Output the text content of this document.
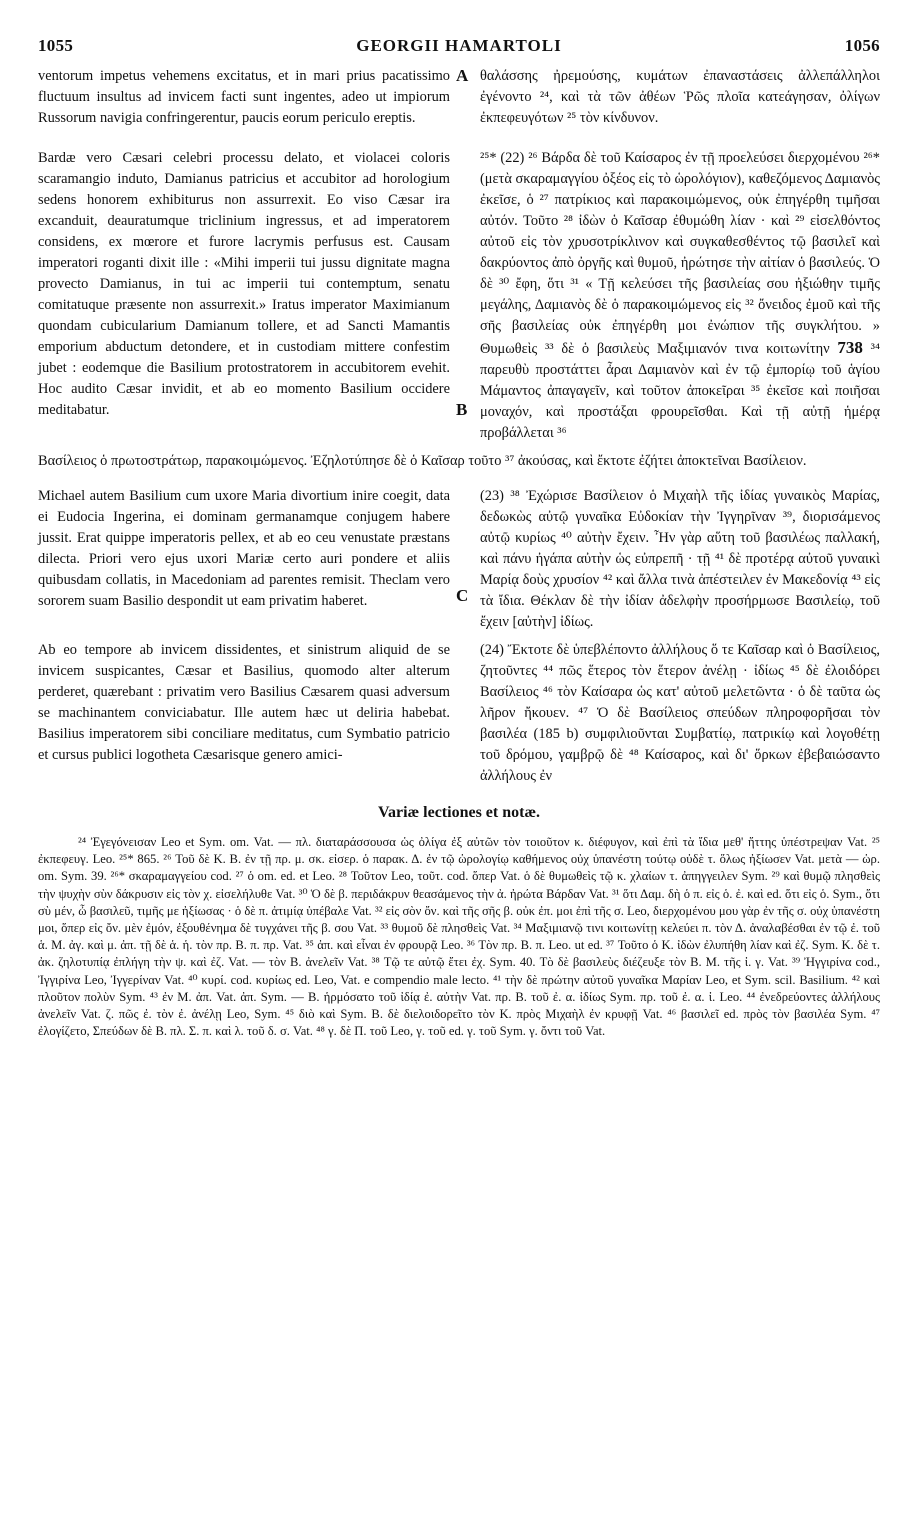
1055	GEORGII HAMARTOLI	1056

ventorum impetus vehemens excitatus, et in mari prius pacatissimo fluctuum insultus ad invicem facti sunt ingentes, adeo ut impiorum Russorum navigia confringerentur, paucis eorum periculo ereptis.

A θαλάσσης ἠρεμούσης, κυμάτων ἐπαναστάσεις ἀλλεπάλληλοι ἐγένοντο ²⁴, καὶ τὰ τῶν ἀθέων Ῥῶς πλοῖα κατεάγησαν, ὀλίγων ἐκπεφευγότων ²⁵ τὸν κίνδυνον.

Bardæ vero Cæsari celebri processu delato, et violacei coloris scaramangio induto, Damianus patricius et accubitor ad horologium sedens honorem exhibiturus non assurrexit. Eo viso Cæsar ira excanduit, deauratumque triclinium ingressus, et ad imperatorem considens, ex mœrore et furore lacrymis perfusus est. Causam imperatori roganti dixit ille : «Mihi imperii tui jussu dignitate magna provecto Damianus, in tui ac imperii tui contemptum, senatu comitatuque præsente non assurrexit.» Iratus imperator Maximianum quondam cubicularium Damianum tollere, et ad Sancti Mamantis emporium abductum detondere, et in custodiam mittere confestim jubet : eodemque die Basilium protostratorem in accubitorem evehit. Hoc audito Cæsar invidit, et ab eo momento Basilium occidere meditabatur.	B

²⁵* (22) ²⁶ Βάρδα δὲ τοῦ Καίσαρος ἐν τῇ προελεύσει διερχομένου ²⁶* (μετὰ σκαραμαγγίου ὀξέος εἰς τὸ ὡρολόγιον), καθεζόμενος Δαμιανὸς ἐκεῖσε, ὁ ²⁷ πατρίκιος καὶ παρακοιμώμενος, οὐκ ἐπηγέρθη τιμῆσαι αὐτόν. Τοῦτο ²⁸ ἰδὼν ὁ Καῖσαρ ἐθυμώθη λίαν · καὶ ²⁹ εἰσελθόντος αὐτοῦ εἰς τὸν χρυσοτρίκλινον καὶ συγκαθεσθέντος τῷ βασιλεῖ καὶ δακρύοντος ἀπὸ ὀργῆς καὶ θυμοῦ, ἠρώτησε τὴν αἰτίαν ὁ βασιλεύς. Ὁ δὲ ³⁰ ἔφη, ὅτι ³¹ « Τῇ κελεύσει τῆς βασιλείας σου ἠξιώθην τιμῆς μεγάλης, Δαμιανὸς δὲ ὁ παρακοιμώμενος εἰς ³² ὄνειδος ἐμοῦ καὶ τῆς σῆς βασιλείας οὐκ ἐπηγέρθη μοι ἐνώπιον τῆς συγκλήτου. » Θυμωθεὶς ³³ δὲ ὁ βασιλεὺς Μαξιμιανόν τινα κοιτωνίτην 738 ³⁴ παρευθὺ προστάττει ἆραι Δαμιανὸν καὶ ἐν τῷ ἐμπορίῳ τοῦ ἁγίου Μάμαντος ἀπαγαγεῖν, καὶ τοῦτον ἀποκεῖραι ³⁵ ἐκεῖσε καὶ ποιῆσαι μοναχόν, καὶ προστάξαι φρουρεῖσθαι. Καὶ τῇ αὐτῇ ἡμέρᾳ προβάλλεται ³⁶

Βασίλειος ὁ πρωτοστράτωρ, παρακοιμώμενος. Ἐζηλοτύπησε δὲ ὁ Καῖσαρ τοῦτο ³⁷ ἀκούσας, καὶ ἔκτοτε ἐζήτει ἀποκτεῖναι Βασίλειον.

Michael autem Basilium cum uxore Maria divortium inire coegit, data ei Eudocia Ingerina, ei dominam germanamque conjugem habere jussit. Erat quippe imperatoris pellex, et ab eo ceu venustate præstans dilecta. Priori vero ejus uxori Mariæ certo auri pondere et aliis quibusdam collatis, in Macedoniam ad parentes remisit. Theclam vero sororem suam Basilio despondit ut eam privatim haberet.	C

(23) ³⁸ Ἐχώρισε Βασίλειον ὁ Μιχαὴλ τῆς ἰδίας γυναικὸς Μαρίας, δεδωκὼς αὐτῷ γυναῖκα Εὐδοκίαν τὴν Ἰγγηρῖναν ³⁹, διορισάμενος αὐτῷ κυρίως ⁴⁰ αὐτὴν ἔχειν. Ἦν γὰρ αὕτη τοῦ βασιλέως παλλακή, καὶ πάνυ ἠγάπα αὐτὴν ὡς εὐπρεπῆ · τῇ ⁴¹ δὲ προτέρᾳ αὐτοῦ γυναικὶ Μαρίᾳ δοὺς χρυσίον ⁴² καὶ ἄλλα τινὰ ἀπέστειλεν ἐν Μακεδονίᾳ ⁴³ εἰς τὰ ἴδια. Θέκλαν δὲ τὴν ἰδίαν ἀδελφὴν προσήρμωσε Βασιλείῳ, τοῦ ἔχειν [αὐτὴν] ἰδίως.

Ab eo tempore ab invicem dissidentes, et sinistrum aliquid de se invicem suspicantes, Cæsar et Basilius, quomodo alter alterum perderet, quærebant : privatim vero Basilius Cæsarem quasi adversum se machinantem conviciabatur. Ille autem hæc ut deliria habebat. Basilius imperatorem sibi conciliare meditatus, cum Symbatio patricio et cursus publici logotheta Cæsarisque genero amici-

(24) Ἔκτοτε δὲ ὑπεβλέποντο ἀλλήλους ὅ τε Καῖσαρ καὶ ὁ Βασίλειος, ζητοῦντες ⁴⁴ πῶς ἕτερος τὸν ἕτερον ἀνέλῃ · ἰδίως ⁴⁵ δὲ ἐλοιδόρει Βασίλειος ⁴⁶ τὸν Καίσαρα ὡς κατ' αὐτοῦ μελετῶντα · ὁ δὲ ταῦτα ὡς λῆρον ἤκουεν. ⁴⁷ Ὁ δὲ Βασίλειος σπεύδων πληροφορῆσαι τὸν βασιλέα (185 b) συμφιλιοῦνται Συμβατίῳ, πατρικίῳ καὶ λογοθέτῃ τοῦ δρόμου, γαμβρῷ δὲ ⁴⁸ Καίσαρος, καὶ δι' ὅρκων ἐβεβαιώσαντο ἀλλήλους ἐν

Variæ lectiones et notæ.

²⁴ Ἐγεγόνεισαν Leo et Sym. om. Vat. — πλ. διαταράσσουσα ὡς ὀλίγα ἐξ αὐτῶν τὸν τοιοῦτον κ. διέφυγον, καὶ ἐπὶ τὰ ἴδια μεθ' ἥττης ὑπέστρεψαν Vat. ²⁵ ἐκπεφευγ. Leo. ²⁵* 865. ²⁶ Τοῦ δὲ Κ. Β. ἐν τῇ πρ. μ. σκ. εἰσερ. ὁ παρακ. Δ. ἐν τῷ ὡρολογίῳ καθήμενος οὐχ ὑπανέστη τούτῳ οὐδὲ τ. ὅλως ἠξίωσεν Vat. μετὰ — ὡρ. om. Sym. 39. ²⁶* σκαραμαγγείου cod. ²⁷ ὁ om. ed. et Leo. ²⁸ Τοῦτον Leo, τοῦτ. cod. ὅπερ Vat. ὁ δὲ θυμωθεὶς τῷ κ. χλαίων τ. ἀπηγγειλεν Sym. ²⁹ καὶ θυμῷ πλησθεὶς τὴν ψυχὴν σὺν δάκρυσιν εἰς τὸν χ. εἰσελήλυθε Vat. ³⁰ Ὁ δὲ β. περιδάκρυν θεασάμενος τὴν ἀ. ἠρώτα Βάρδαν Vat. ³¹ ὅτι Δαμ. δὴ ὁ π. εἰς ὁ. ἐ. καὶ ed. ὅτι εἰς ὁ. Sym., ὅτι σὺ μέν, ὦ βασιλεῦ, τιμῆς με ἠξίωσας · ὁ δὲ π. ἀτιμίᾳ ὑπέβαλε Vat. ³² εἰς σὸν ὄν. καὶ τῆς σῆς β. οὐκ ἐπ. μοι ἐπὶ τῆς σ. Leo, διερχομένου μου γὰρ ἐν τῆς σ. οὐχ ὑπανέστη μοι, ὅπερ εἰς ὄν. μὲν ἐμόν, ἐξουθένημα δὲ τυγχάνει τῆς β. σου Vat. ³³ θυμοῦ δὲ πλησθεὶς Vat. ³⁴ Μαξιμιανῷ τινι κοιτωνίτῃ κελεύει π. τὸν Δ. ἀναλαβέσθαι ἐν τῷ ἐ. τοῦ ἁ. Μ. ἀγ. καὶ μ. ἀπ. τῇ δὲ ἁ. ἡ. τὸν πρ. Β. π. πρ. Vat. ³⁵ ἀπ. καὶ εἶναι ἐν φρουρᾷ Leo. ³⁶ Τὸν πρ. Β. π. Leo. ut ed. ³⁷ Τοῦτο ὁ Κ. ἰδὼν ἐλυπήθη λίαν καὶ ἐζ. Sym. Κ. δὲ τ. ἀκ. ζηλοτυπίᾳ ἐπλήγη τὴν ψ. καὶ ἐζ. Vat. — τὸν Β. ἀνελεῖν Vat. ³⁸ Τῷ τε αὐτῷ ἔτει ἐχ. Sym. 40. Τὸ δὲ βασιλεὺς διέζευξε τὸν Β. Μ. τῆς ἰ. γ. Vat. ³⁹ Ἠγγιρίνα cod., Ἰγγιρίνα Leo, Ἰγγερίναν Vat. ⁴⁰ κυρί. cod. κυρίως ed. Leo, Vat. e compendio male lecto. ⁴¹ τὴν δὲ πρώτην αὐτοῦ γυναῖκα Μαρίαν Leo, et Sym. scil. Basilium. ⁴² καὶ πλοῦτον πολὺν Sym. ⁴³ ἐν Μ. ἀπ. Vat. ἀπ. Sym. — Β. ἡρμόσατο τοῦ ἰδίᾳ ἐ. αὐτὴν Vat. πρ. Β. τοῦ ἐ. α. ἰδίως Sym. πρ. τοῦ ἐ. α. ἰ. Leo. ⁴⁴ ἐνεδρεύοντες ἀλλήλους ἀνελεῖν Vat. ζ. πῶς ἐ. τὸν ἐ. ἀνέλῃ Leo, Sym. ⁴⁵ διὸ καὶ Sym. Β. δὲ διελοιδορεῖτο τὸν Κ. πρὸς Μιχαὴλ ἐν κρυφῇ Vat. ⁴⁶ βασιλεῖ ed. πρὸς τὸν βασιλέα Sym. ⁴⁷ ἐλογίζετο, Σπεύδων δὲ Β. πλ. Σ. π. καὶ λ. τοῦ δ. σ. Vat. ⁴⁸ γ. δὲ Π. τοῦ Leo, γ. τοῦ ed. γ. τοῦ Sym. γ. ὄντι τοῦ Vat.
